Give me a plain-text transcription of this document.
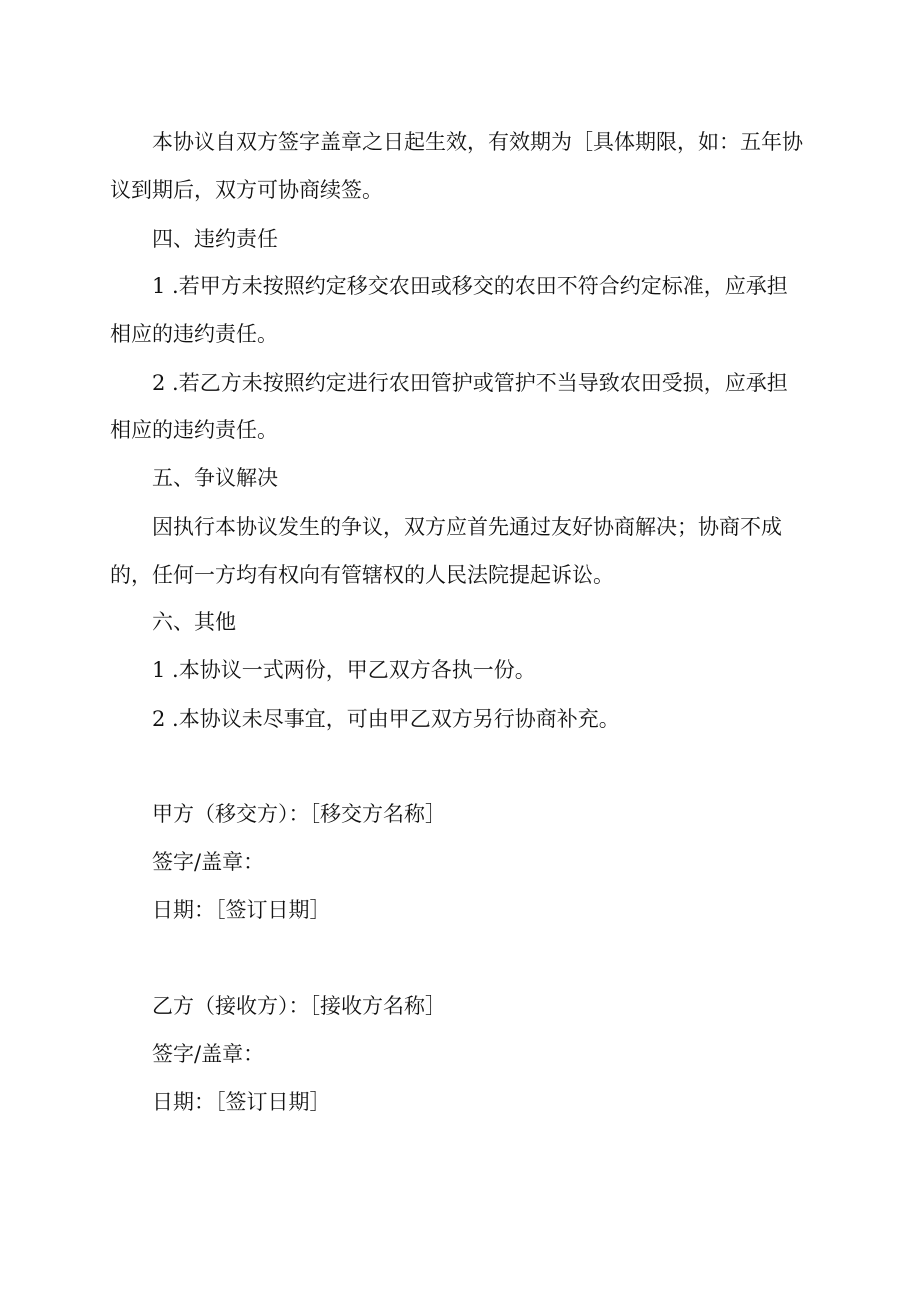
本协议自双方签字盖章之日起生效，有效期为［具体期限，如：五年协
议到期后，双方可协商续签。
四、违约责任
1 .若甲方未按照约定移交农田或移交的农田不符合约定标准，应承担
相应的违约责任。
2 .若乙方未按照约定进行农田管护或管护不当导致农田受损，应承担
相应的违约责任。
五、争议解决
因执行本协议发生的争议，双方应首先通过友好协商解决；协商不成
的，任何一方均有权向有管辖权的人民法院提起诉讼。
六、其他
1 .本协议一式两份，甲乙双方各执一份。
2 .本协议未尽事宜，可由甲乙双方另行协商补充。
甲方（移交方）：［移交方名称］
签字/盖章：
日期：［签订日期］
乙方（接收方）：［接收方名称］
签字/盖章：
日期：［签订日期］
